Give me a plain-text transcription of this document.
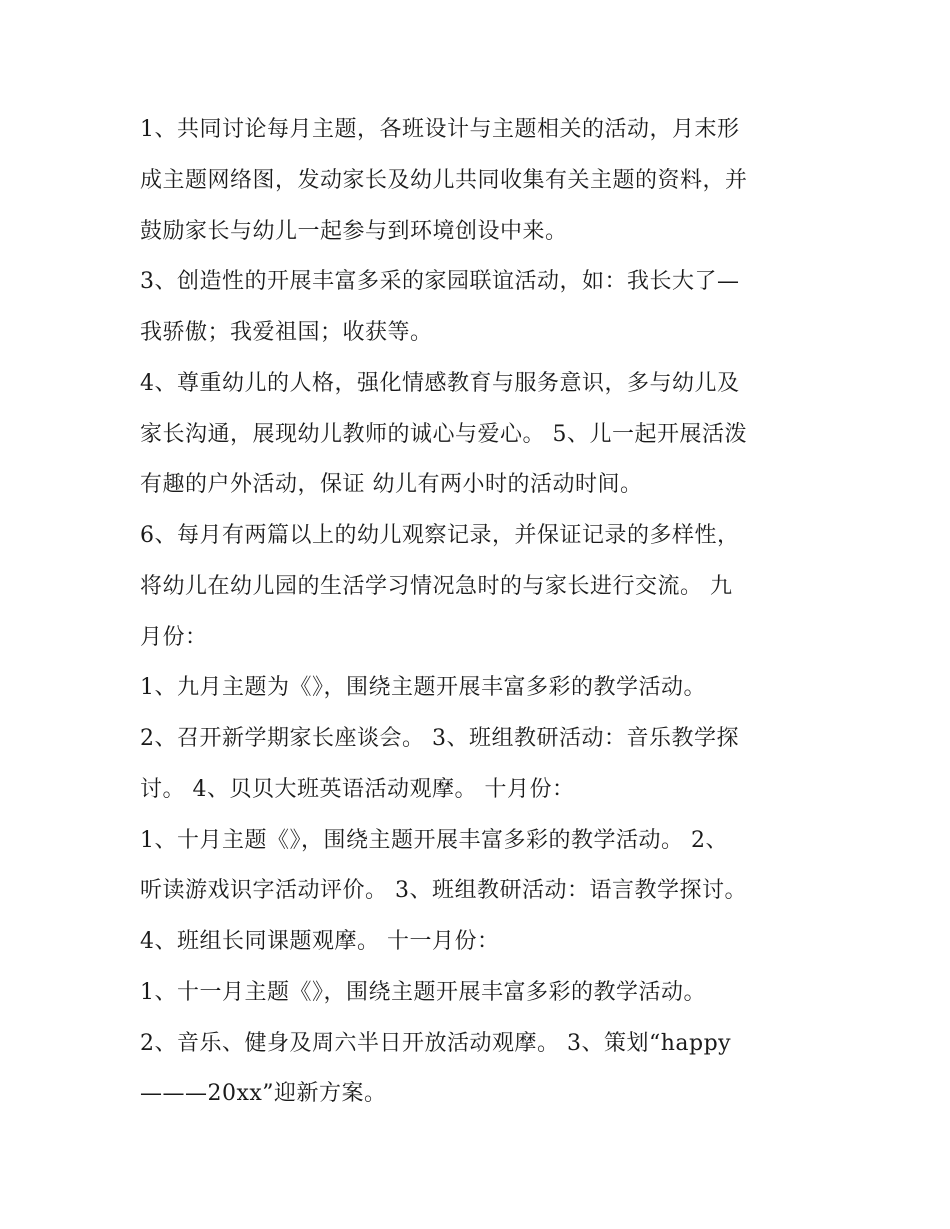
1、共同讨论每月主题，各班设计与主题相关的活动，月末形
成主题网络图，发动家长及幼儿共同收集有关主题的资料，并
鼓励家长与幼儿一起参与到环境创设中来。
3、创造性的开展丰富多采的家园联谊活动，如：我长大了—
我骄傲；我爱祖国；收获等。
4、尊重幼儿的人格，强化情感教育与服务意识，多与幼儿及
家长沟通，展现幼儿教师的诚心与爱心。 5、儿一起开展活泼
有趣的户外活动，保证 幼儿有两小时的活动时间。
6、每月有两篇以上的幼儿观察记录，并保证记录的多样性，
将幼儿在幼儿园的生活学习情况急时的与家长进行交流。 九
月份：
1、九月主题为《》，围绕主题开展丰富多彩的教学活动。
2、召开新学期家长座谈会。 3、班组教研活动：音乐教学探
讨。 4、贝贝大班英语活动观摩。 十月份：
1、十月主题《》，围绕主题开展丰富多彩的教学活动。 2、
听读游戏识字活动评价。 3、班组教研活动：语言教学探讨。
4、班组长同课题观摩。 十一月份：
1、十一月主题《》，围绕主题开展丰富多彩的教学活动。
2、音乐、健身及周六半日开放活动观摩。 3、策划“happy
———20xx”迎新方案。
